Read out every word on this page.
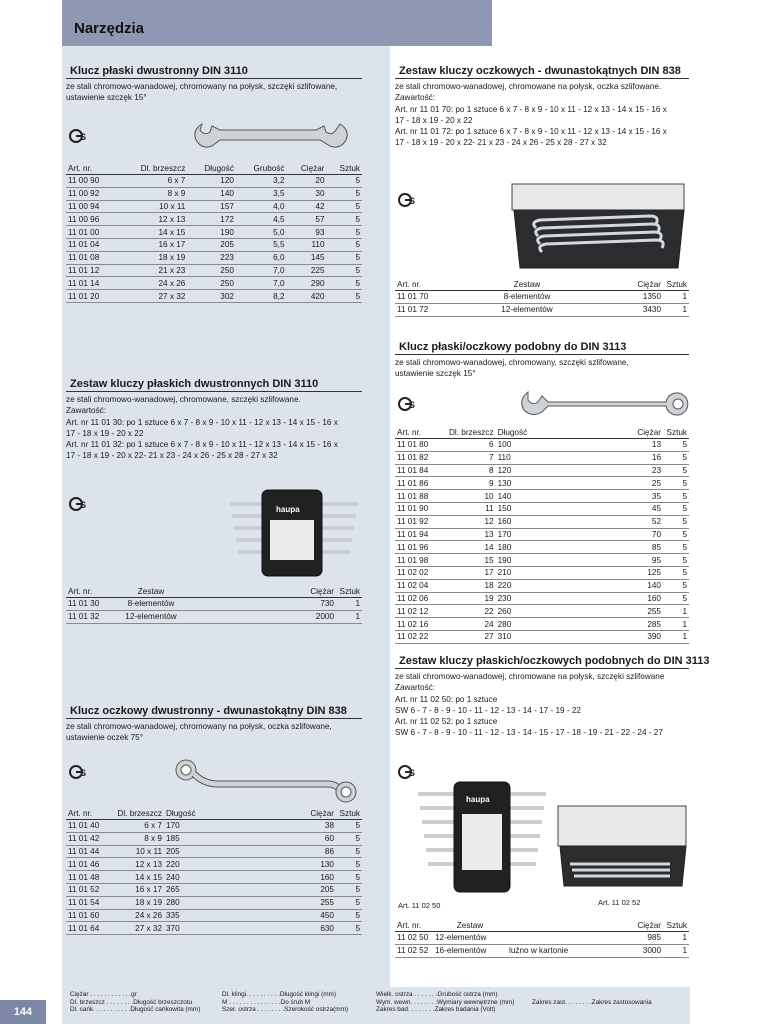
Narzędzia
Klucz płaski dwustronny DIN 3110
ze stali chromowo-wanadowej, chromowany na połysk, szczęki szlifowane,
ustawienie szczęk 15°
S
Art. nr.	Dl. brzeszcz	Długość	Grubość	Ciężar	Sztuk
11 00 90	6 x 7	120	3,2	20	5
11 00 92	8 x 9	140	3,5	30	5
11 00 94	10 x 11	157	4,0	42	5
11 00 96	12 x 13	172	4,5	57	5
11 01 00	14 x 15	190	5,0	93	5
11 01 04	16 x 17	205	5,5	110	5
11 01 08	18 x 19	223	6,0	145	5
11 01 12	21 x 23	250	7,0	225	5
11 01 14	24 x 26	250	7,0	290	5
11 01 20	27 x 32	302	8,2	420	5
Zestaw kluczy oczkowych - dwunastokątnych DIN 838
ze stali chromowo-wanadowej, chromowane na połysk, oczka szlifowane.
Zawartość:
Art. nr 11 01 70: po 1 sztuce 6 x 7 - 8 x 9 - 10 x 11 - 12 x 13 - 14 x 15 - 16 x
17 - 18 x 19 - 20 x 22
Art. nr 11 01 72: po 1 sztuce 6 x 7 - 8 x 9 - 10 x 11 - 12 x 13 - 14 x 15 - 16 x
17 - 18 x 19 - 20 x 22- 21 x 23 - 24 x 26 - 25 x 28 - 27 x 32
S
Art. nr.	Zestaw	Ciężar	Sztuk
11 01 70	8-elementów	1350	1
11 01 72	12-elementów	3430	1
Zestaw kluczy płaskich dwustronnych DIN 3110
ze stali chromowo-wanadowej, chromowane, szczęki szlifowane.
Zawartość:
Art. nr 11 01 30: po 1 sztuce 6 x 7 - 8 x 9 - 10 x 11 - 12 x 13 - 14 x 15 - 16 x
17 - 18 x 19 - 20 x 22
Art. nr 11 01 32: po 1 sztuce 6 x 7 - 8 x 9 - 10 x 11 - 12 x 13 - 14 x 15 - 16 x
17 - 18 x 19 - 20 x 22- 21 x 23 - 24 x 26 - 25 x 28 - 27 x 32
S	haupa
Art. nr.	Zestaw	Ciężar	Sztuk
11 01 30	8-elementów	730	1
11 01 32	12-elementów	2000	1
Klucz płaski/oczkowy podobny do DIN 3113
ze stali chromowo-wanadowej, chromowany, szczęki szlifowane,
ustawienie szczęk 15°
S
Art. nr.	Dl. brzeszcz	Długość	Ciężar	Sztuk
11 01 80	6	100	13	5
11 01 82	7	110	16	5
11 01 84	8	120	23	5
11 01 86	9	130	25	5
11 01 88	10	140	35	5
11 01 90	11	150	45	5
11 01 92	12	160	52	5
11 01 94	13	170	70	5
11 01 96	14	180	85	5
11 01 98	15	190	95	5
11 02 02	17	210	125	5
11 02 04	18	220	140	5
11 02 06	19	230	160	5
11 02 12	22	260	255	1
11 02 16	24	280	285	1
11 02 22	27	310	390	1
Klucz oczkowy dwustronny - dwunastokątny DIN 838
ze stali chromowo-wanadowej, chromowany na połysk, oczka szlifowane,
ustawienie oczek 75°
S
Art. nr.	Dl. brzeszcz	Długość	Ciężar	Sztuk
11 01 40	6 x 7	170	38	5
11 01 42	8 x 9	185	60	5
11 01 44	10 x 11	205	86	5
11 01 46	12 x 13	220	130	5
11 01 48	14 x 15	240	160	5
11 01 52	16 x 17	265	205	5
11 01 54	18 x 19	280	255	5
11 01 60	24 x 26	335	450	5
11 01 64	27 x 32	370	630	5
Zestaw kluczy płaskich/oczkowych podobnych do DIN 3113
ze stali chromowo-wanadowej, chromowane na połysk, szczęki szlifowane
Zawartość:
Art. nr 11 02 50: po 1 sztuce
SW 6 - 7 - 8 - 9 - 10 - 11 - 12 - 13 - 14 - 17 - 19 - 22
Art. nr 11 02 52: po 1 sztuce
SW 6 - 7 - 8 - 9 - 10 - 11 - 12 - 13 - 14 - 15 - 17 - 18 - 19 - 21 - 22 - 24 - 27
S
haupa
Art. 11 02 50	Art. 11 02 52
Art. nr.	Zestaw		Ciężar	Sztuk
11 02 50	12-elementów		985	1
11 02 52	16-elementów	luźno w kartonie	3000	1
Ciężar . . . . . . . . . . . .gr
Dl. brzeszcz . . . . . . . .Długość brzeszczotu
Dl. cańk. . . . . . . . . . .Długość cańkowita (mm)
Dl. klingi. . . . . . . . . .Długość klingi (mm)
M . . . . . . . . . . . . . . .Do śrub M
Szer. ostrza . . . . . . . .Szerokość ostrza(mm)
Wielk. ostrza . . . . . . .Grubość ostrza (mm)
Wym. wewn. . . . . . . .Wymiary wewnętrzne (mm)
Zakres bad. . . . . . . .Zakres badania (Volt)

Zakres zast. . . . . . . .Zakres zastosowania
144
